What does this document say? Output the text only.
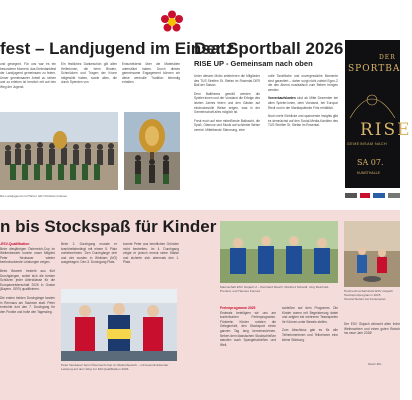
fest – Landjugend im Einsatz
und gesegnet. Für uns war es ein besonderer Moment, das Erntedankfest der Landjugend gemeinsam zu feiern. Unser gemeinsamer Arbeit zu sehen und zu erleben ist herzlich mit auf den Weg der Jugend.
Ein festliches Dankeschön gilt allen Helferinnen, die beim Binden, Schmücken und Tragen der Krone mitgewirkt haben, sowie allen, die durch Spenden von
Entscheidend über die Materialien unterstützt haben. Durch dieses gemeinsame Engagement können wir diese wertvolle Tradition lebendig erhalten.
Die Landjugend mit Pfarrer GR Christian Grelsen
Der Sportball 2026
RISE UP - Gemeinsam nach oben
Unter diesem Motto zelebrieren die Mitglieder des TUS Streifen St. Stefan im Rosental DER Ball der Saison.
Dem Ballthema gemäß werden die Spieler:innen und der Vorstand die Erfolge des letzten Jahres feiern und den Gästen auf eindrucksvolle Weise zeigen, was in der Gemeinschaft alles möglich ist.
Freut euch auf eine mitreißende Ballnacht, die Spaß, Glamour und Musik auf schönste Weise vereint. Mittelbende Stimmung, eine
volle Tanzfläche und unvergessliche Momente sind garantiert – daher sorgt nicht zuletzt Egon-Z die den Abend musikalisch zum Beben bringen werden.
Vorverkaufskarten sind ab Mitte Dezember bei allen Spieler:innen, dem Vorstand, bei Europar Riedl und in der Marktapotheke Fritz erhältlich.
Noch mehr Einblicke und spannende Insights gibt es demnächst auf den Social-Media-Kanälen des TUS Streifen St. Stefan im Rosental.
DER
SPORTBA
RISE
GEMEINSAM NACH
SA 07.
KUNSTHALLE
n bis Stockspaß für Kinder
-ESV-Qualifikation
Beim diesjährigen Österreich-Cup im Weitenbewerb konnte unser Mitglied Peter Neubauer wieder beeindruckende Leistungen zeigen.
Beim Bewerb besteht aus fünf Durchgängen, wobei sich die besten Schützen jeder Altersklasse für die Europameisterschaft 2026 in Goslar (Bayern, GER) qualifizieren.
Die ersten beiden Durchgänge fanden in Rennaus am Sachsen statt. Peter erreichte dort den 7. Durchgang für den Punkte und holte den Tagessieg.
Beim 2. Durchgang musste er krankheitsbedingt mit einem 5. Platz vorliebnehmen. Den Durchgänge drei und vier wurden in Winklarn (NÖ) ausgetragen. Den 3. Durchgang Platz.
konnte Peter aus beruflichen Gründen nicht bestreiten. Im 4. Durchgang zeigte er jedoch erneut seine Stärke und sicherte sich abermals den 1. Platz.
Peter Neubauer beim Österreich-Cup im Weitenbewerb – mit beeindruckender Leistung auf dem Weg zur EM-Qualifikation 2026.
Mannschaft ESV Glojach 2 – Reinhard Rauch, Manfred Schardl, Jörg Reinhold-Prentice und Hannes Konrad.
Ferienprogramm 2025
Erstmals beteiligten wir uns am kunterbunten Ferienprogramm. Fünfzehn Kinder nutzten die Gelegenheit, den Stocksport einen ganzen Tag lang kennenzulernen. Neben dem klassischen Stockschießen standen auch Spangelschießen und Weil-
schießen auf dem Programm. Die Kinder waren mit Begeisterung dabei und zeigten bei mehreren Teamspielen ihr Können unter Beweis stellen.
Zum Abschluss gab es für alle Teilnehmerinnen und Teilnehmer eine kleine Stärkung.
Hochrechnerbahnhofs ESV Glojach Stocksportprogramm 2025 Stockschießen bei Ferienspiel.
Der ESV Glojach wünscht allen frohe Weihnachten und einen guten Rutsch ins neue Jahr 2026!
Stock Mit...
